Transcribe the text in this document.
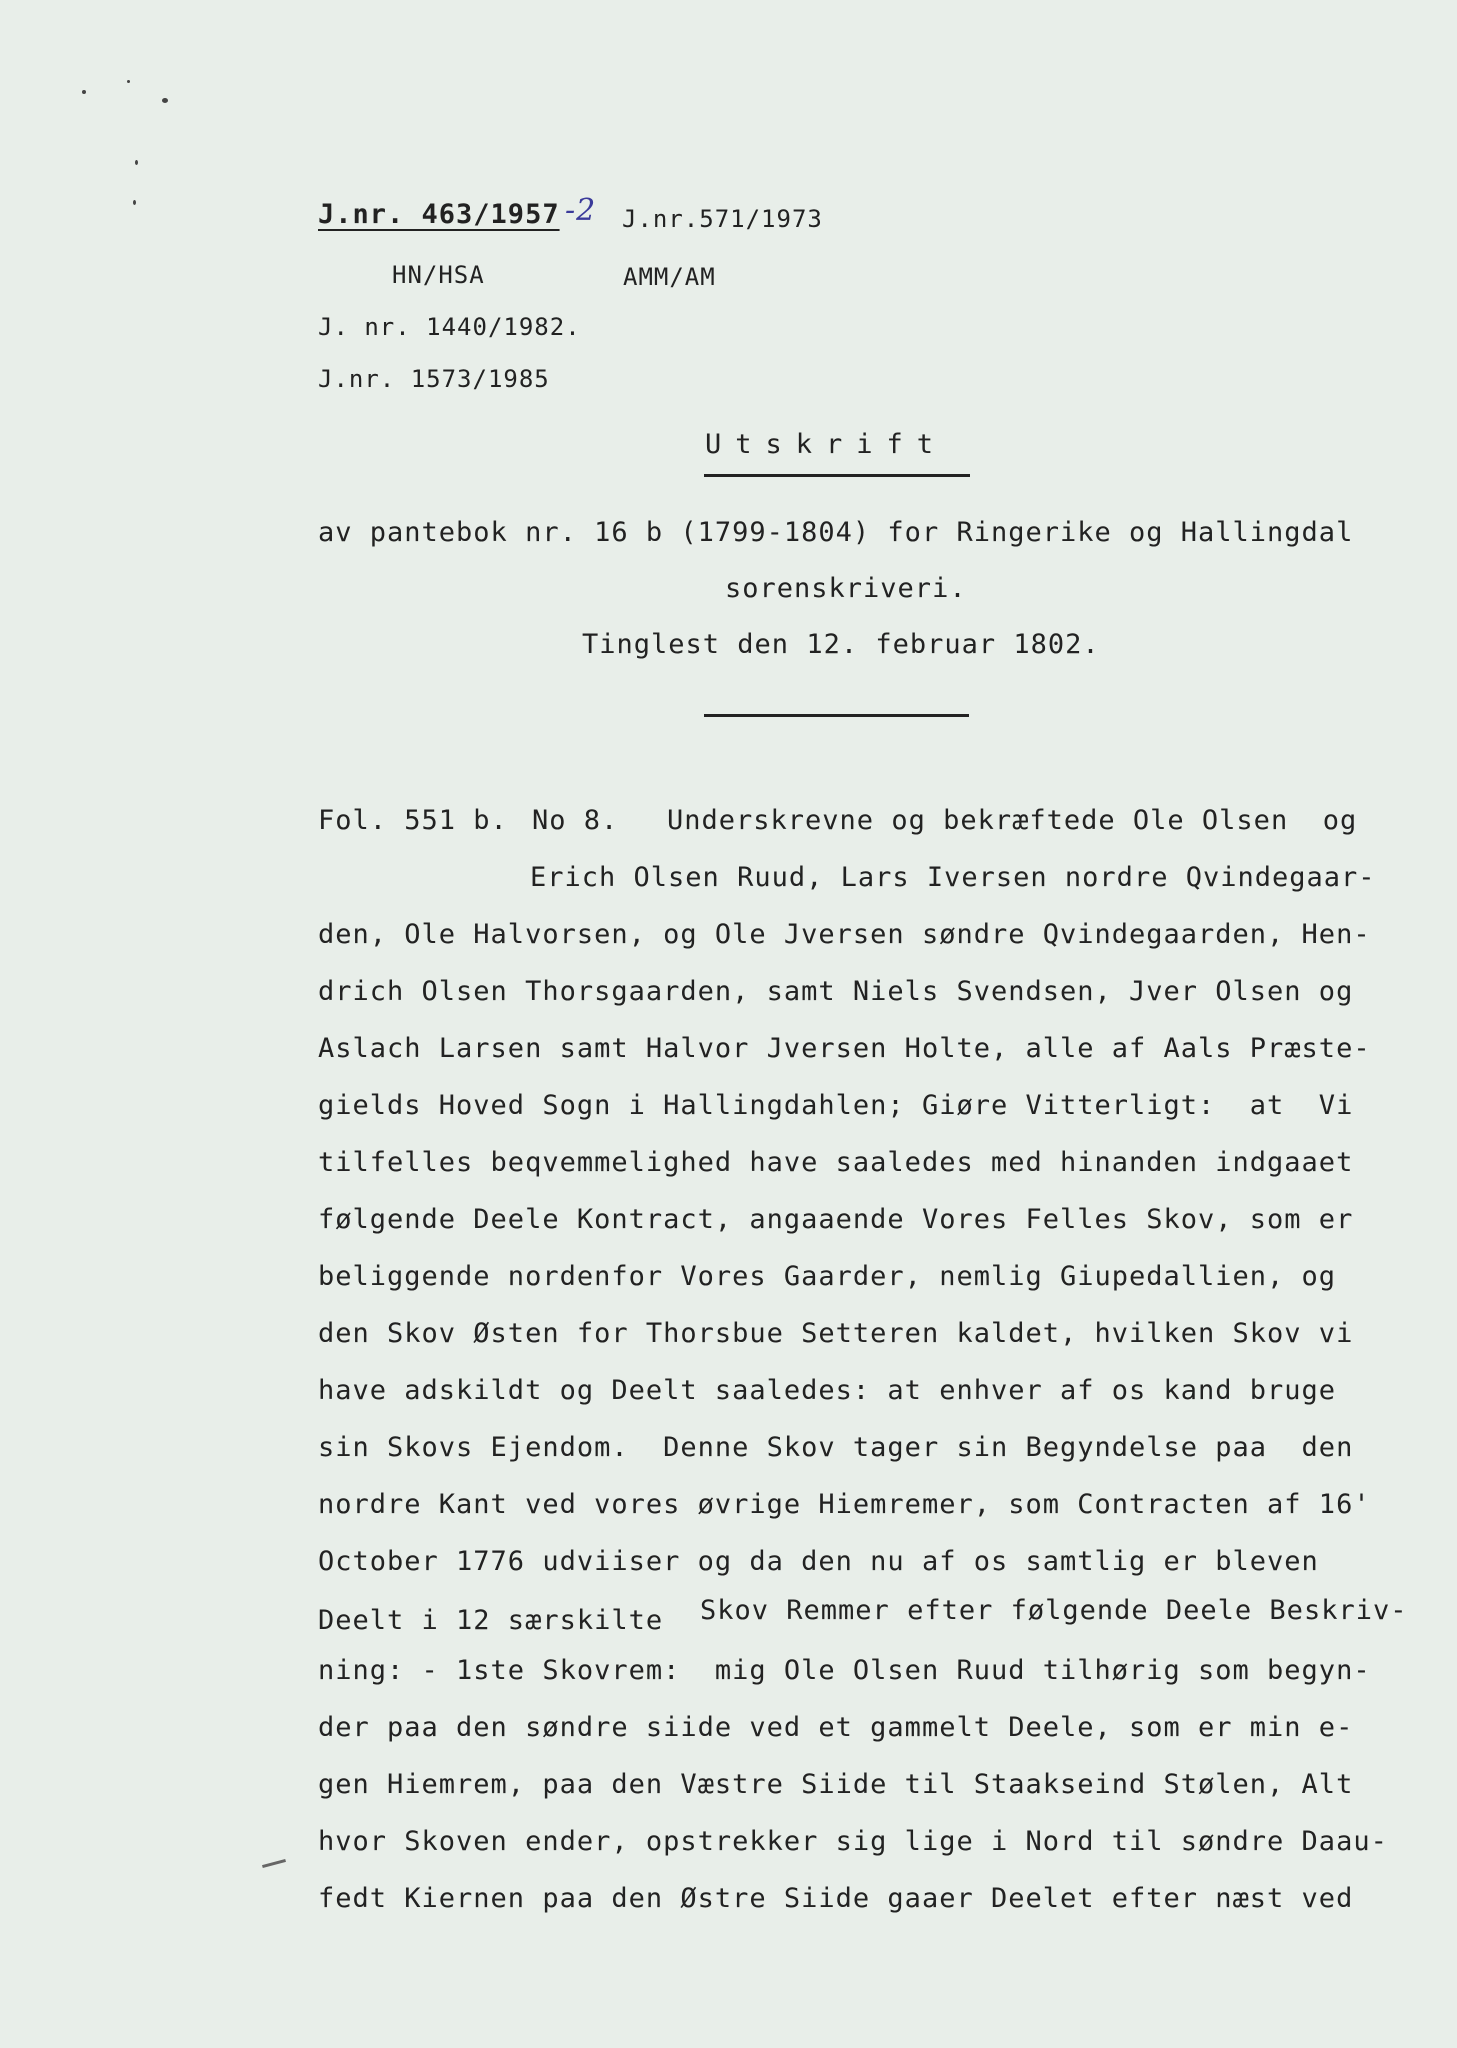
J.nr. 463/1957 -2 J.nr.571/1973
HN/HSA	AMM/AM
J. nr. 1440/1982.
J.nr. 1573/1985
Utskrift
av pantebok nr. 16 b (1799-1804) for Ringerike og Hallingdal
sorenskriveri.
Tinglest den 12. februar 1802.
Fol. 551 b. No 8. Underskrevne og bekræftede Ole Olsen  og
Erich Olsen Ruud, Lars Iversen nordre Qvindegaar-
den, Ole Halvorsen, og Ole Jversen søndre Qvindegaarden, Hen-
drich Olsen Thorsgaarden, samt Niels Svendsen, Jver Olsen og
Aslach Larsen samt Halvor Jversen Holte, alle af Aals Præste-
gields Hoved Sogn i Hallingdahlen; Giøre Vitterligt:  at  Vi
tilfelles beqvemmelighed have saaledes med hinanden indgaaet
følgende Deele Kontract, angaaende Vores Felles Skov, som er
beliggende nordenfor Vores Gaarder, nemlig Giupedallien, og
den Skov Østen for Thorsbue Setteren kaldet, hvilken Skov vi
have adskildt og Deelt saaledes: at enhver af os kand bruge
sin Skovs Ejendom.  Denne Skov tager sin Begyndelse paa  den
nordre Kant ved vores øvrige Hiemremer, som Contracten af 16'
October 1776 udviiser og da den nu af os samtlig er bleven
Deelt i 12 særskilte Skov Remmer efter følgende Deele Beskriv-
ning: - 1ste Skovrem:  mig Ole Olsen Ruud tilhørig som begyn-
der paa den søndre siide ved et gammelt Deele, som er min e-
gen Hiemrem, paa den Væstre Siide til Staakseind Stølen, Alt
hvor Skoven ender, opstrekker sig lige i Nord til søndre Daau-
fedt Kiernen paa den Østre Siide gaaer Deelet efter næst ved
